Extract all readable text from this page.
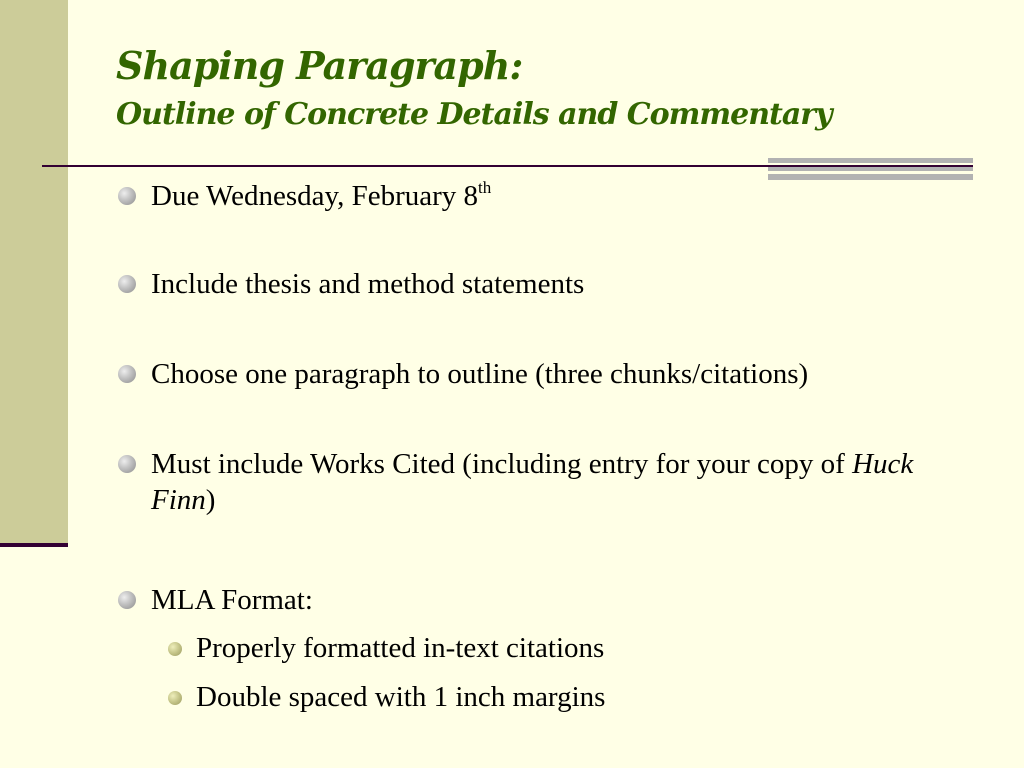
Shaping Paragraph:
Outline of Concrete Details and Commentary
Due Wednesday, February 8th
Include thesis and method statements
Choose one paragraph to outline (three chunks/citations)
Must include Works Cited (including entry for your copy of Huck Finn)
MLA Format:
Properly formatted in-text citations
Double spaced with 1 inch margins
